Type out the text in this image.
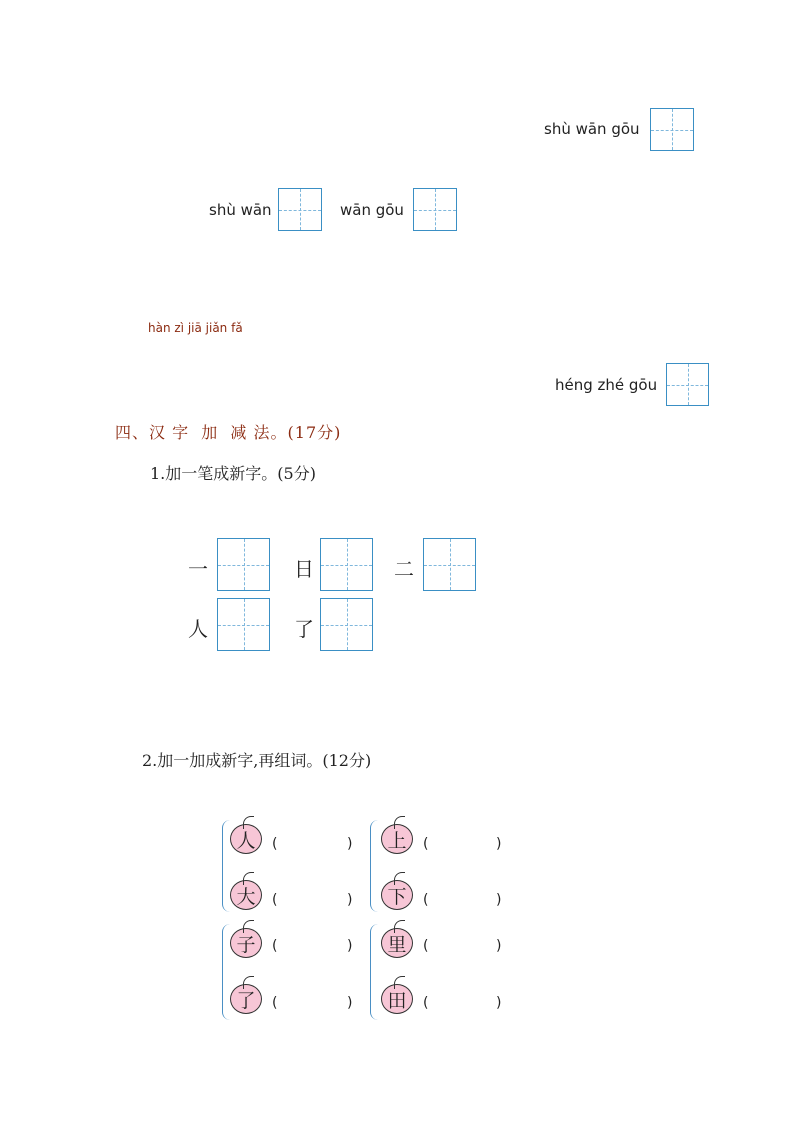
shù wān gōu
shù wān	wān gōu
hàn zì jiā jiǎn fǎ
héng zhé gōu
四、汉 字  加  减 法。(17分)
1.加一笔成新字。(5分)
一	日	二
人	了
2.加一加成新字,再组词。(12分)
人	(	)
大	(	)
子	(	)
了	(	)
上	(	)
下	(	)
里	(	)
田	(	)
